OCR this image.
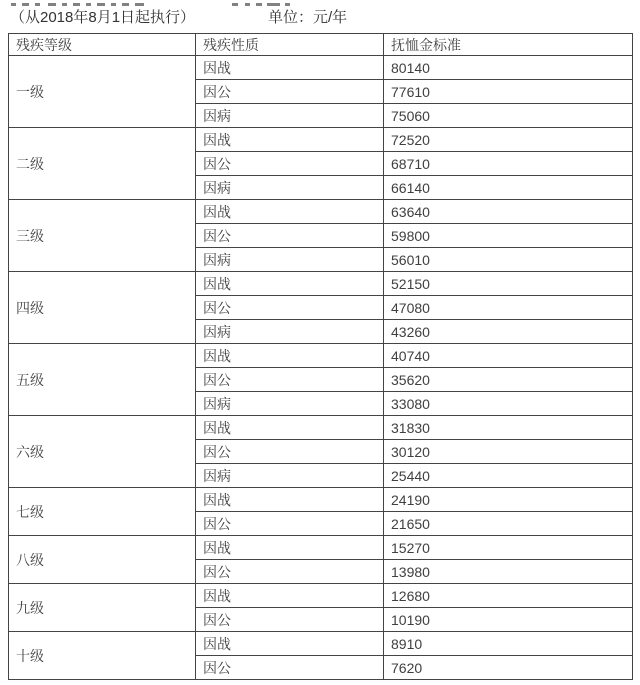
（从2018年8月1日起执行）	单位：元/年
残疾等级	残疾性质	抚恤金标准
一级	因战	80140
	因公	77610
	因病	75060
二级	因战	72520
	因公	68710
	因病	66140
三级	因战	63640
	因公	59800
	因病	56010
四级	因战	52150
	因公	47080
	因病	43260
五级	因战	40740
	因公	35620
	因病	33080
六级	因战	31830
	因公	30120
	因病	25440
七级	因战	24190
	因公	21650
八级	因战	15270
	因公	13980
九级	因战	12680
	因公	10190
十级	因战	8910
	因公	7620
